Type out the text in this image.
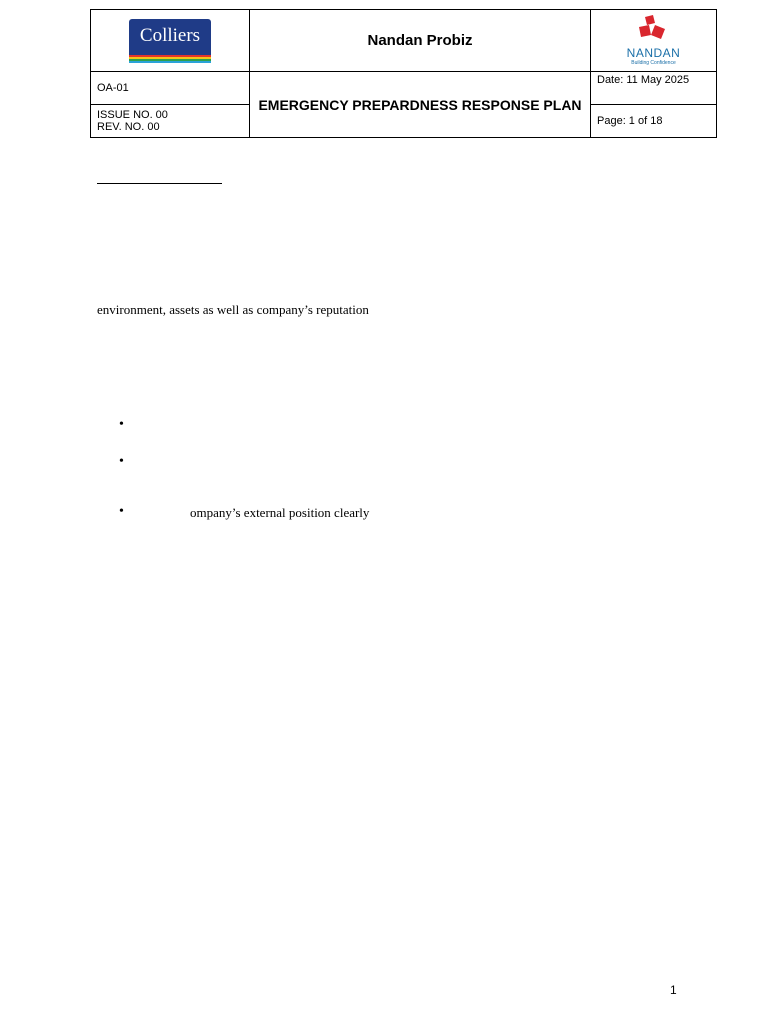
Colliers	Nandan Probiz	NANDAN
Building Confidence

OA-01	EMERGENCY PREPARDNESS RESPONSE PLAN	Date: 11 May 2025

ISSUE NO. 00
REV. NO. 00		Page: 1 of 18
environment, assets as well as company’s reputation
•
•
•	ompany’s external position clearly
1
